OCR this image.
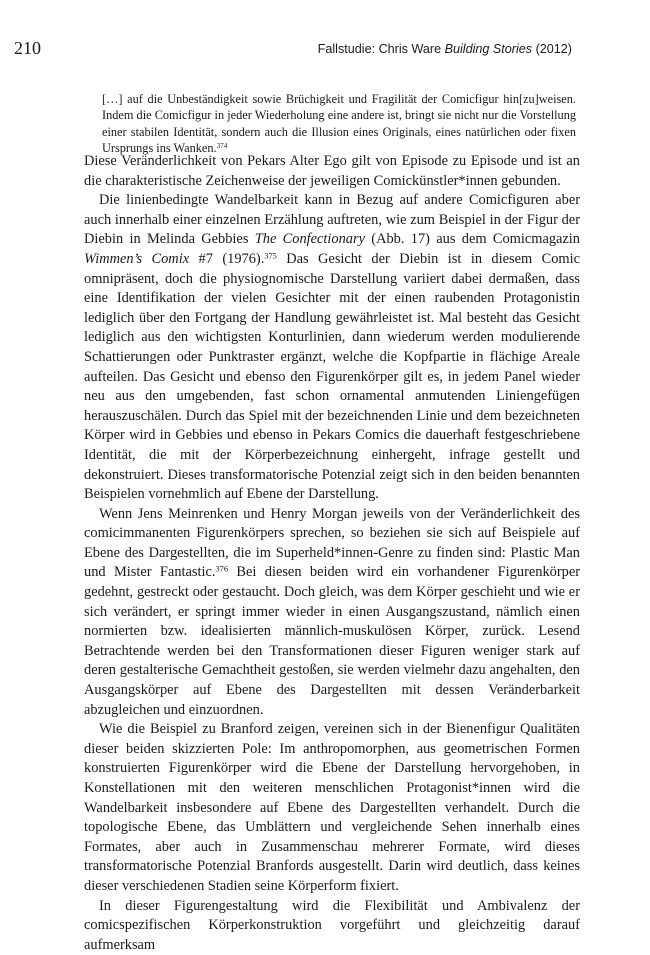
210	Fallstudie: Chris Ware Building Stories (2012)
[…] auf die Unbeständigkeit sowie Brüchigkeit und Fragilität der Comicfigur hin[zu]weisen. Indem die Comicfigur in jeder Wiederholung eine andere ist, bringt sie nicht nur die Vorstellung einer stabilen Identität, sondern auch die Illusion eines Originals, eines natürlichen oder fixen Ursprungs ins Wanken.$^{374}$

Diese Veränderlichkeit von Pekars Alter Ego gilt von Episode zu Episode und ist an die charakteristische Zeichenweise der jeweiligen Comickünstler*innen gebunden.

Die linienbedingte Wandelbarkeit kann in Bezug auf andere Comicfiguren aber auch innerhalb einer einzelnen Erzählung auftreten, wie zum Beispiel in der Figur der Diebin in Melinda Gebbies The Confectionary (Abb. 17) aus dem Comicmagazin Wimmen’s Comix #7 (1976).$^{375}$ Das Gesicht der Diebin ist in diesem Comic omnipräsent, doch die physiognomische Darstellung variiert dabei dermaßen, dass eine Identifikation der vielen Gesichter mit der einen raubenden Protagonistin lediglich über den Fortgang der Handlung gewährleistet ist. Mal besteht das Gesicht lediglich aus den wichtigsten Konturlinien, dann wiederum werden modulierende Schattierungen oder Punktraster ergänzt, welche die Kopfpartie in flächige Areale aufteilen. Das Gesicht und ebenso den Figurenkörper gilt es, in jedem Panel wieder neu aus den umgebenden, fast schon ornamental anmutenden Liniengefügen herauszuschälen. Durch das Spiel mit der bezeichnenden Linie und dem bezeichneten Körper wird in Gebbies und ebenso in Pekars Comics die dauerhaft festgeschriebene Identität, die mit der Körperbezeichnung einhergeht, infrage gestellt und dekonstruiert. Dieses transformatorische Potenzial zeigt sich in den beiden benannten Beispielen vornehmlich auf Ebene der Darstellung.

Wenn Jens Meinrenken und Henry Morgan jeweils von der Veränderlichkeit des comicimmanenten Figurenkörpers sprechen, so beziehen sie sich auf Beispiele auf Ebene des Dargestellten, die im Superheld*innen-Genre zu finden sind: Plastic Man und Mister Fantastic.$^{376}$ Bei diesen beiden wird ein vorhandener Figurenkörper gedehnt, gestreckt oder gestaucht. Doch gleich, was dem Körper geschieht und wie er sich verändert, er springt immer wieder in einen Ausgangszustand, nämlich einen normierten bzw. idealisierten männlich-muskulösen Körper, zurück. Lesend Betrachtende werden bei den Transformationen dieser Figuren weniger stark auf deren gestalterische Gemachtheit gestoßen, sie werden vielmehr dazu angehalten, den Ausgangskörper auf Ebene des Dargestellten mit dessen Veränderbarkeit abzugleichen und einzuordnen.

Wie die Beispiel zu Branford zeigen, vereinen sich in der Bienenfigur Qualitäten dieser beiden skizzierten Pole: Im anthropomorphen, aus geometrischen Formen konstruierten Figurenkörper wird die Ebene der Darstellung hervorgehoben, in Konstellationen mit den weiteren menschlichen Protagonist*innen wird die Wandelbarkeit insbesondere auf Ebene des Dargestellten verhandelt. Durch die topologische Ebene, das Umblättern und vergleichende Sehen innerhalb eines Formates, aber auch in Zusammenschau mehrerer Formate, wird dieses transformatorische Potenzial Branfords ausgestellt. Darin wird deutlich, dass keines dieser verschiedenen Stadien seine Körperform fixiert.

In dieser Figurengestaltung wird die Flexibilität und Ambivalenz der comicspezifischen Körperkonstruktion vorgeführt und gleichzeitig darauf aufmerksam
